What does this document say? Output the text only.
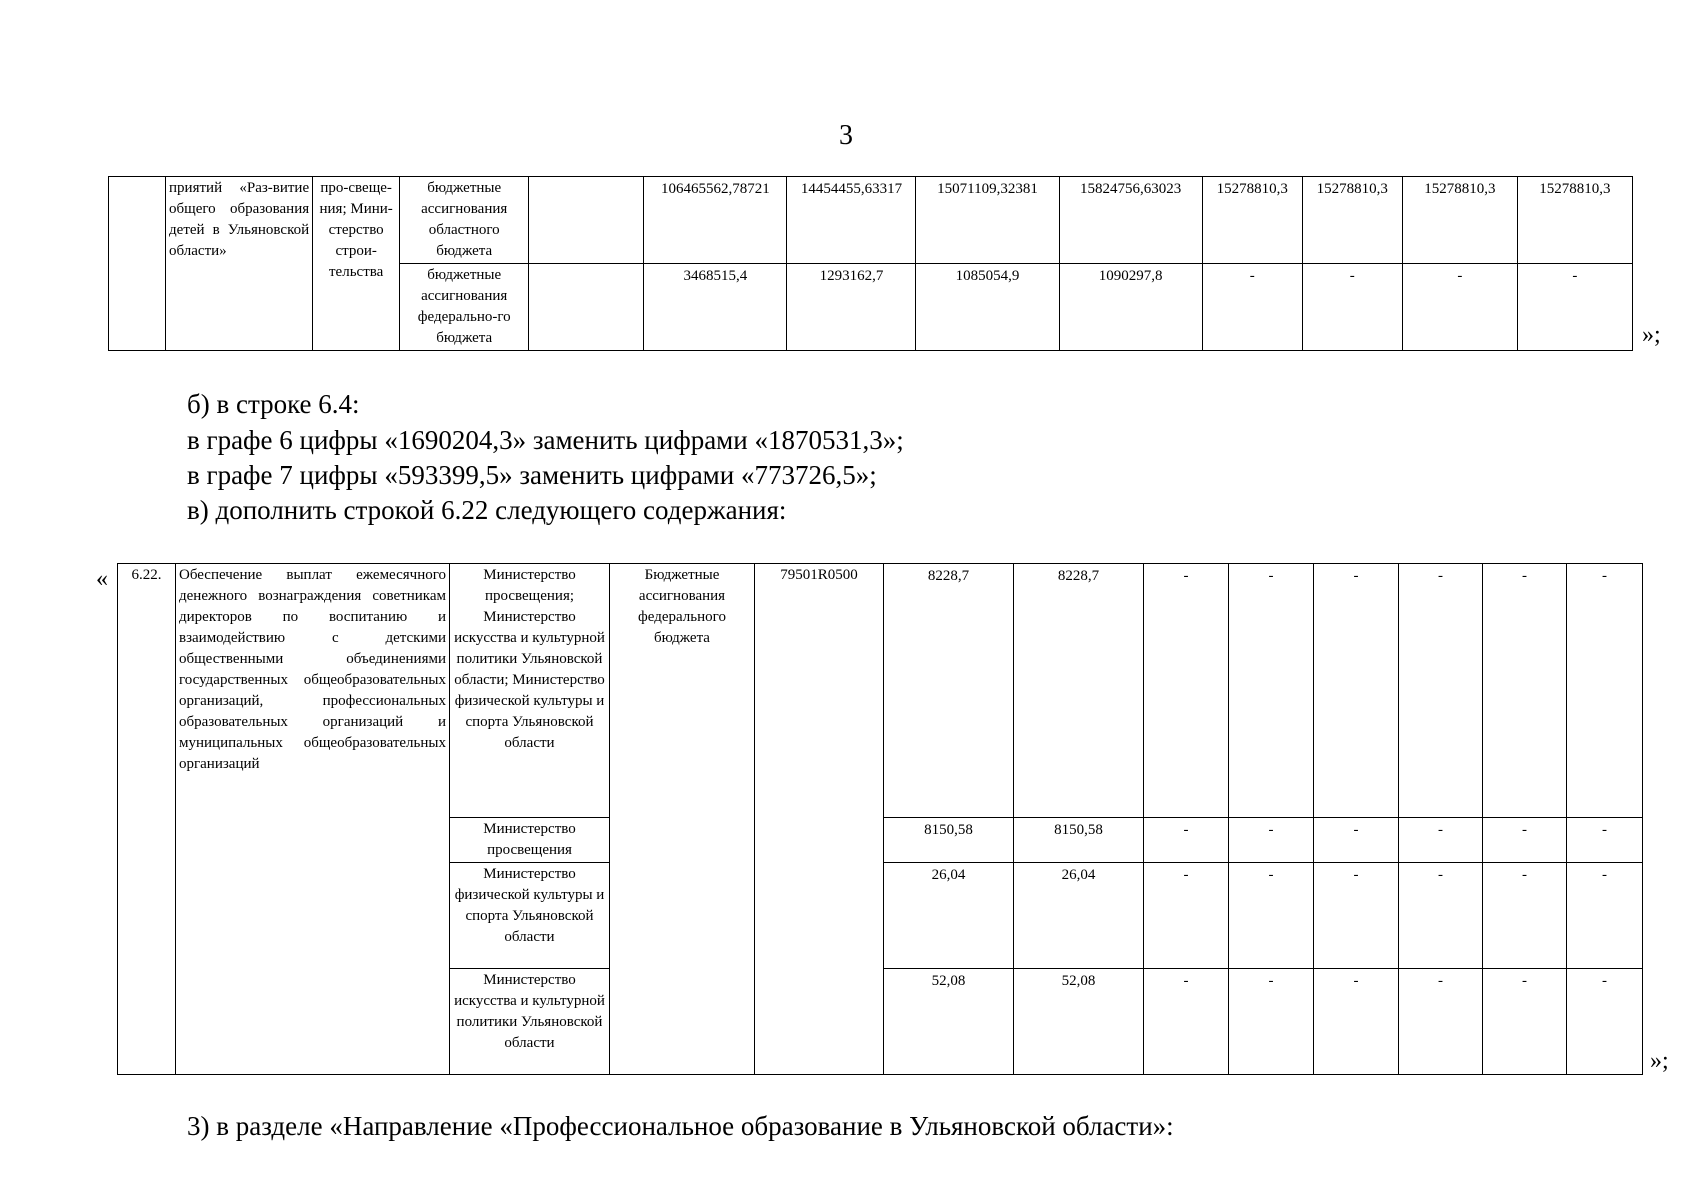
3
	приятий «Раз-витие общего образования детей в Ульяновской области»	про-свеще-ния; Мини-стерство строи-тельства	бюджетные ассигнования областного бюджета		106465562,78721	14454455,63317	15071109,32381	15824756,63023	15278810,3	15278810,3	15278810,3	15278810,3
			бюджетные ассигнования федерально-го бюджета		3468515,4	1293162,7	1085054,9	1090297,8	-	-	-	-
»;
б) в строке 6.4:
в графе 6 цифры «1690204,3» заменить цифрами «1870531,3»;
в графе 7 цифры «593399,5» заменить цифрами «773726,5»;
в) дополнить строкой 6.22 следующего содержания:
« 6.22.	Обеспечение выплат ежемесячного денежного вознаграждения советникам директоров по воспитанию и взаимодействию с детскими общественными объединениями государственных общеобразовательных организаций, профессиональных образовательных организаций и муниципальных общеобразовательных организаций	Министерство просвещения; Министерство искусства и культурной политики Ульяновской области; Министерство физической культуры и спорта Ульяновской области	Бюджетные ассигнования федерального бюджета	79501R0500	8228,7	8228,7	-	-	-	-	-	-
		Министерство просвещения			8150,58	8150,58	-	-	-	-	-	-
		Министерство физической культуры и спорта Ульяновской области			26,04	26,04	-	-	-	-	-	-
		Министерство искусства и культурной политики Ульяновской области			52,08	52,08	-	-	-	-	-	-
»;
3) в разделе «Направление «Профессиональное образование в Ульяновской области»:
